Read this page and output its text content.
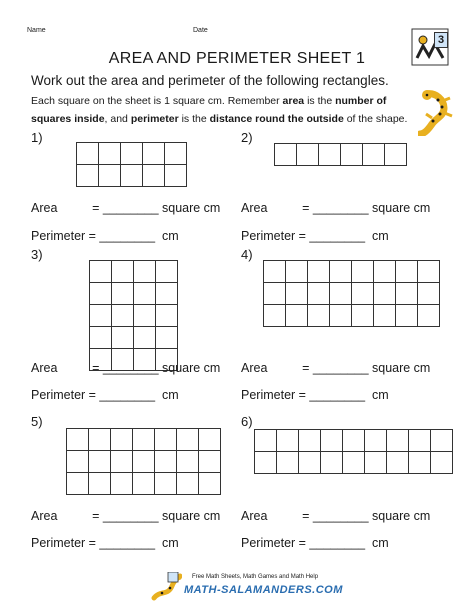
Name	Date
3
AREA AND PERIMETER SHEET 1
Work out the area and perimeter of the following rectangles.
Each square on the sheet is 1 square cm. Remember area is the number of
squares inside, and perimeter is the distance round the outside of the shape.
1)	2)
3)	4)
5)	6)
Area          = ________ square cm Area          = ________ square cm
Perimeter = ________  cm	Perimeter = ________  cm
Area          = ________ square cm Area          = ________ square cm
Perimeter = ________  cm	Perimeter = ________  cm
Area          = ________ square cm Area          = ________ square cm
Perimeter = ________  cm	Perimeter = ________  cm
Free Math Sheets, Math Games and Math Help
MATH-SALAMANDERS.COM
